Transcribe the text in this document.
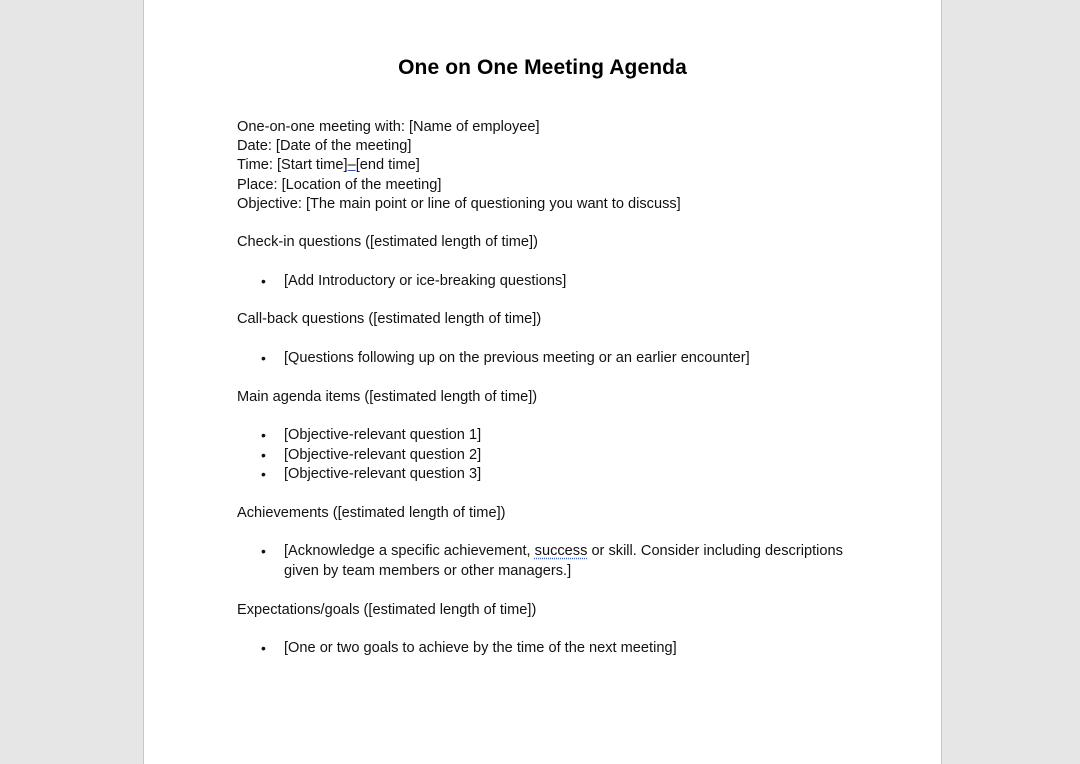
One on One Meeting Agenda
One-on-one meeting with: [Name of employee]
Date: [Date of the meeting]
Time: [Start time]–[end time]
Place: [Location of the meeting]
Objective: [The main point or line of questioning you want to discuss]
Check-in questions ([estimated length of time])
• [Add Introductory or ice-breaking questions]
Call-back questions ([estimated length of time])
• [Questions following up on the previous meeting or an earlier encounter]
Main agenda items ([estimated length of time])
• [Objective-relevant question 1]
• [Objective-relevant question 2]
• [Objective-relevant question 3]
Achievements ([estimated length of time])
• [Acknowledge a specific achievement, success or skill. Consider including descriptions
given by team members or other managers.]
Expectations/goals ([estimated length of time])
• [One or two goals to achieve by the time of the next meeting]
